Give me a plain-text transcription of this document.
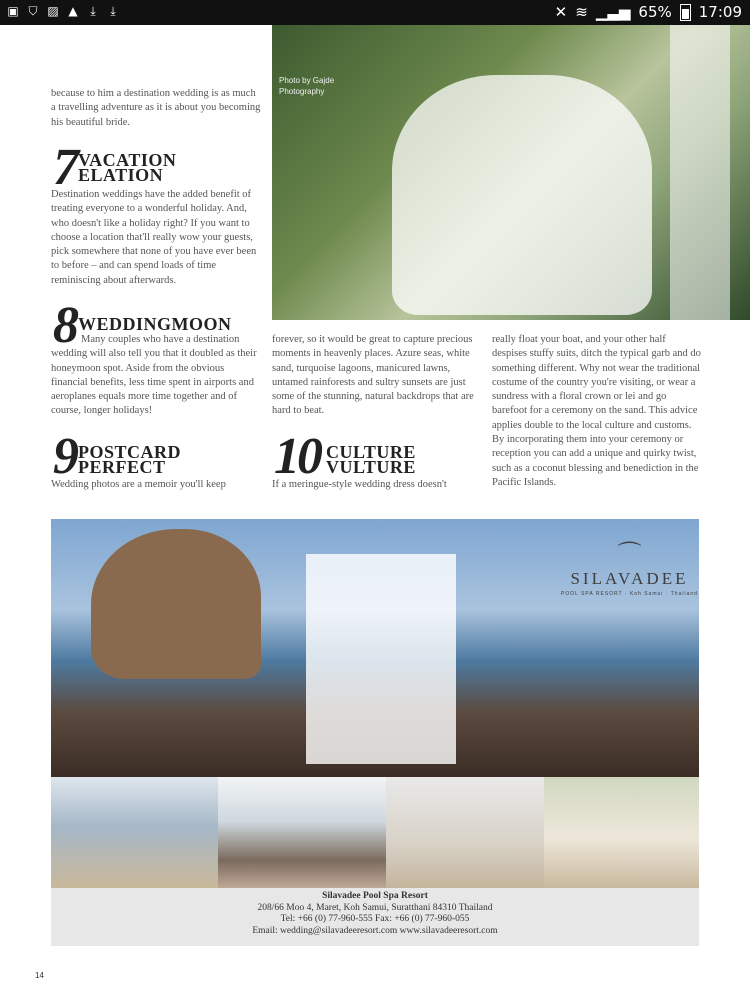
▣ ⛉ ▨ ▲	⤓	⤓	✕ ≋ ▁▃▅ 65% 17:09
Photo by Gajde Photography

because to him a destination wedding is as much a travelling adventure as it is about you becoming his beautiful bride.

7 VACATION
ELATION

Destination weddings have the added benefit of treating everyone to a wonderful holiday. And, who doesn't like a holiday right? If you want to choose a location that'll really wow your guests, pick somewhere that none of you have ever been to before – and can spend loads of time reminiscing about afterwards.

8 WEDDINGMOON

Many couples who have a destination wedding will also tell you that it doubled as their honeymoon spot. Aside from the obvious financial benefits, less time spent in airports and aeroplanes equals more time together and of course, longer holidays!

9 POSTCARD
PERFECT

Wedding photos are a memoir you'll keep

forever, so it would be great to capture precious moments in heavenly places. Azure seas, white sand, turquoise lagoons, manicured lawns, untamed rainforests and sultry sunsets are just some of the stunning, natural backdrops that are hard to beat.

10 CULTURE
VULTURE

If a meringue-style wedding dress doesn't

really float your boat, and your other half despises stuffy suits, ditch the typical garb and do something different. Why not wear the traditional costume of the country you're visiting, or wear a sundress with a floral crown or lei and go barefoot for a ceremony on the sand. This advice applies double to the local culture and customs. By incorporating them into your ceremony or reception you can add a unique and quirky twist, such as a coconut blessing and benediction in the Pacific Islands.

⌒
SILAVADEE
POOL SPA RESORT · Koh Samui · Thailand
Silavadee Pool Spa Resort
208/66 Moo 4, Maret, Koh Samui, Suratthani 84310 Thailand
Tel: +66 (0) 77-960-555 Fax: +66 (0) 77-960-055
Email: wedding@silavadeeresort.com www.silavadeeresort.com
14
